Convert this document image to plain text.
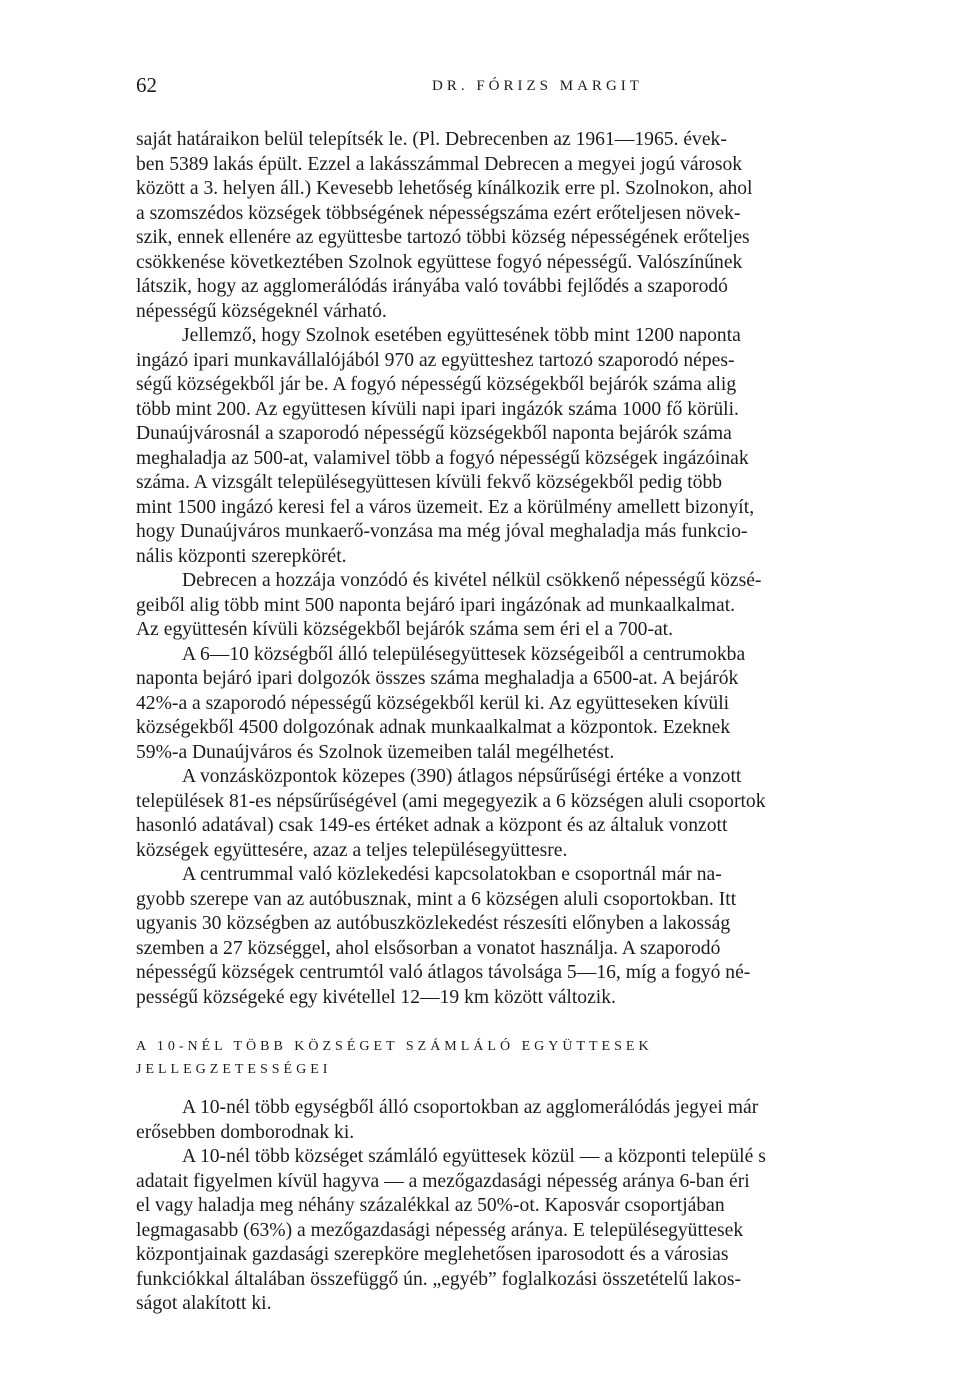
62	DR. FÓRIZS MARGIT

saját határaikon belül telepítsék le. (Pl. Debrecenben az 1961—1965. évek-
ben 5389 lakás épült. Ezzel a lakásszámmal Debrecen a megyei jogú városok
között a 3. helyen áll.) Kevesebb lehetőség kínálkozik erre pl. Szolnokon, ahol
a szomszédos községek többségének népességszáma ezért erőteljesen növek-
szik, ennek ellenére az együttesbe tartozó többi község népességének erőteljes
csökkenése következtében Szolnok együttese fogyó népességű. Valószínűnek
látszik, hogy az agglomerálódás irányába való további fejlődés a szaporodó
népességű községeknél várható.

Jellemző, hogy Szolnok esetében együttesének több mint 1200 naponta
ingázó ipari munkavállalójából 970 az együtteshez tartozó szaporodó népes-
ségű községekből jár be. A fogyó népességű községekből bejárók száma alig
több mint 200. Az együttesen kívüli napi ipari ingázók száma 1000 fő körüli.
Dunaújvárosnál a szaporodó népességű községekből naponta bejárók száma
meghaladja az 500-at, valamivel több a fogyó népességű községek ingázóinak
száma. A vizsgált településegyüttesen kívüli fekvő községekből pedig több
mint 1500 ingázó keresi fel a város üzemeit. Ez a körülmény amellett bizonyít,
hogy Dunaújváros munkaerő-vonzása ma még jóval meghaladja más funkcio-
nális központi szerepkörét.

Debrecen a hozzája vonzódó és kivétel nélkül csökkenő népességű közsé-
geiből alig több mint 500 naponta bejáró ipari ingázónak ad munkaalkalmat.
Az együttesén kívüli községekből bejárók száma sem éri el a 700-at.

A 6—10 községből álló településegyüttesek községeiből a centrumokba
naponta bejáró ipari dolgozók összes száma meghaladja a 6500-at. A bejárók
42%-a a szaporodó népességű községekből kerül ki. Az együtteseken kívüli
községekből 4500 dolgozónak adnak munkaalkalmat a központok. Ezeknek
59%-a Dunaújváros és Szolnok üzemeiben talál megélhetést.

A vonzásközpontok közepes (390) átlagos népsűrűségi értéke a vonzott
települések 81-es népsűrűségével (ami megegyezik a 6 községen aluli csoportok
hasonló adatával) csak 149-es értéket adnak a központ és az általuk vonzott
községek együttesére, azaz a teljes településegyüttesre.

A centrummal való közlekedési kapcsolatokban e csoportnál már na-
gyobb szerepe van az autóbusznak, mint a 6 községen aluli csoportokban. Itt
ugyanis 30 községben az autóbuszközlekedést részesíti előnyben a lakosság
szemben a 27 községgel, ahol elsősorban a vonatot használja. A szaporodó
népességű községek centrumtól való átlagos távolsága 5—16, míg a fogyó né-
pességű községeké egy kivétellel 12—19 km között változik.

A 10-NÉL TÖBB KÖZSÉGET SZÁMLÁLÓ EGYÜTTESEK
JELLEGZETESSÉGEI

A 10-nél több egységből álló csoportokban az agglomerálódás jegyei már
erősebben domborodnak ki.

A 10-nél több községet számláló együttesek közül — a központi települé s
adatait figyelmen kívül hagyva — a mezőgazdasági népesség aránya 6-ban éri
el vagy haladja meg néhány százalékkal az 50%-ot. Kaposvár csoportjában
legmagasabb (63%) a mezőgazdasági népesség aránya. E településegyüttesek
központjainak gazdasági szerepköre meglehetősen iparosodott és a városias
funkciókkal általában összefüggő ún. „egyéb” foglalkozási összetételű lakos-
ságot alakított ki.
